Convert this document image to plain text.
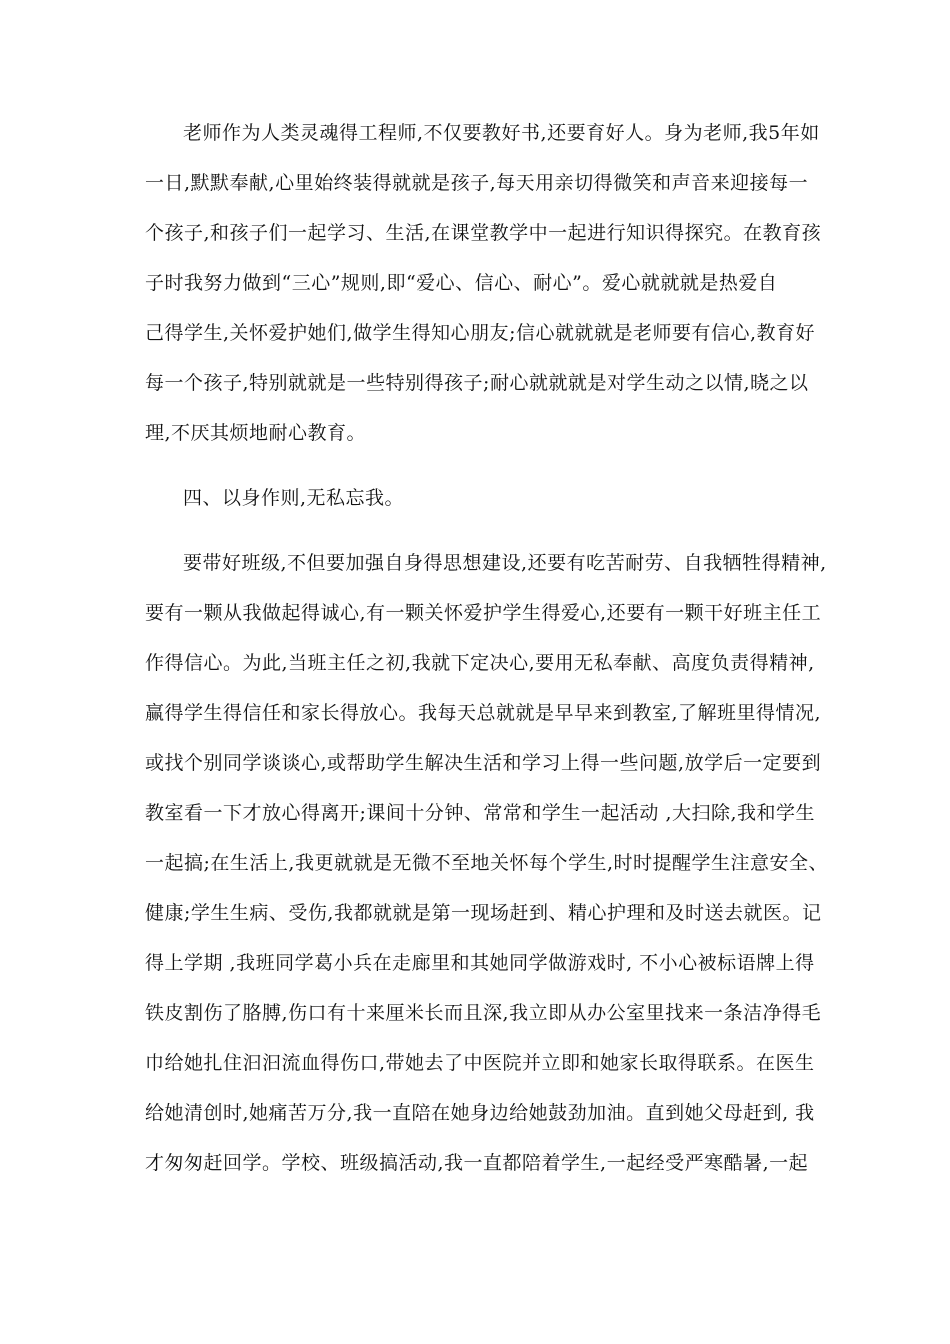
老师作为人类灵魂得工程师,不仅要教好书,还要育好人。身为老师,我5年如
一日,默默奉献,心里始终装得就就是孩子,每天用亲切得微笑和声音来迎接每一
个孩子,和孩子们一起学习、生活,在课堂教学中一起进行知识得探究。在教育孩
子时我努力做到“三心”规则,即“爱心、信心、耐心”。爱心就就就是热爱自
己得学生,关怀爱护她们,做学生得知心朋友;信心就就就是老师要有信心,教育好
每一个孩子,特别就就是一些特别得孩子;耐心就就就是对学生动之以情,晓之以
理,不厌其烦地耐心教育。
四、以身作则,无私忘我。
要带好班级,不但要加强自身得思想建设,还要有吃苦耐劳、自我牺牲得精神,
要有一颗从我做起得诚心,有一颗关怀爱护学生得爱心,还要有一颗干好班主任工
作得信心。为此,当班主任之初,我就下定决心,要用无私奉献、高度负责得精神,
赢得学生得信任和家长得放心。我每天总就就是早早来到教室,了解班里得情况,
或找个别同学谈谈心,或帮助学生解决生活和学习上得一些问题,放学后一定要到
教室看一下才放心得离开;课间十分钟、常常和学生一起活动 ,大扫除,我和学生
一起搞;在生活上,我更就就是无微不至地关怀每个学生,时时提醒学生注意安全、
健康;学生生病、受伤,我都就就是第一现场赶到、精心护理和及时送去就医。记
得上学期 ,我班同学葛小兵在走廊里和其她同学做游戏时, 不小心被标语牌上得
铁皮割伤了胳膊,伤口有十来厘米长而且深,我立即从办公室里找来一条洁净得毛
巾给她扎住汩汩流血得伤口,带她去了中医院并立即和她家长取得联系。在医生
给她清创时,她痛苦万分,我一直陪在她身边给她鼓劲加油。直到她父母赶到, 我
才匆匆赶回学。学校、班级搞活动,我一直都陪着学生,一起经受严寒酷暑,一起
